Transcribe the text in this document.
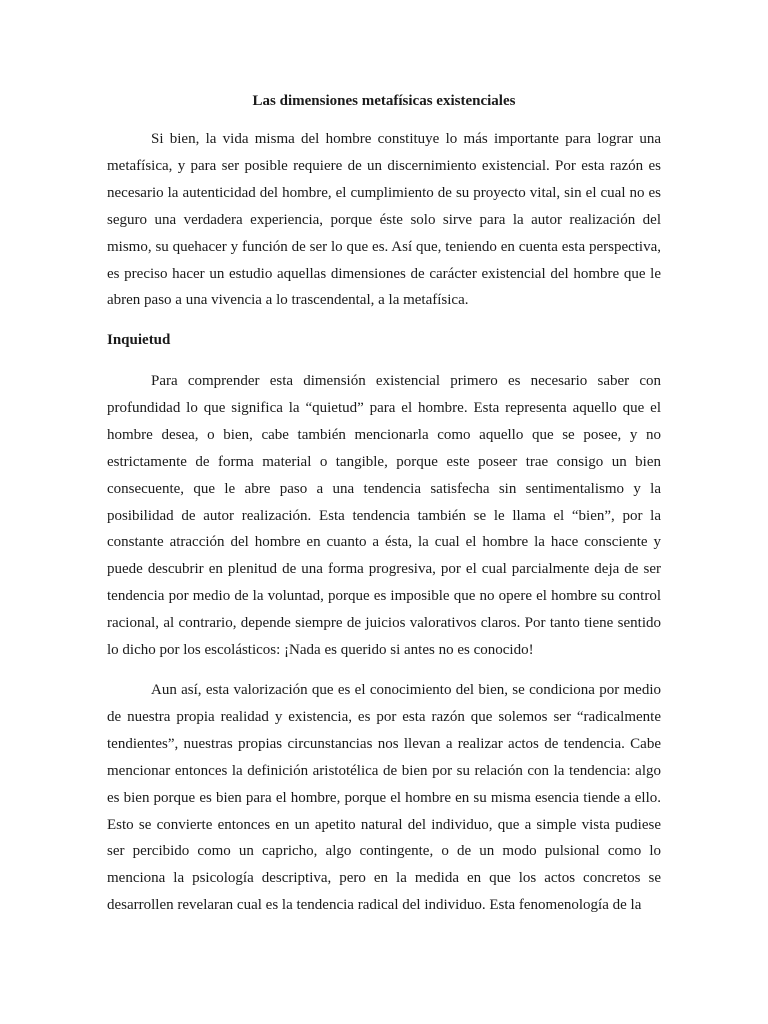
Las dimensiones metafísicas existenciales

Si bien, la vida misma del hombre constituye lo más importante para lograr una metafísica, y para ser posible requiere de un discernimiento existencial. Por esta razón es necesario la autenticidad del hombre, el cumplimiento de su proyecto vital, sin el cual no es seguro una verdadera experiencia, porque éste solo sirve para la autor realización del mismo, su quehacer y función de ser lo que es. Así que, teniendo en cuenta esta perspectiva, es preciso hacer un estudio aquellas dimensiones de carácter existencial del hombre que le abren paso a una vivencia a lo trascendental, a la metafísica.

Inquietud

Para comprender esta dimensión existencial primero es necesario saber con profundidad lo que significa la “quietud” para el hombre. Esta representa aquello que el hombre desea, o bien, cabe también mencionarla como aquello que se posee, y no estrictamente de forma material o tangible, porque este poseer trae consigo un bien consecuente, que le abre paso a una tendencia satisfecha sin sentimentalismo y la posibilidad de autor realización. Esta tendencia también se le llama el “bien”, por la constante atracción del hombre en cuanto a ésta, la cual el hombre la hace consciente y puede descubrir en plenitud de una forma progresiva, por el cual parcialmente deja de ser tendencia por medio de la voluntad, porque es imposible que no opere el hombre su control racional, al contrario, depende siempre de juicios valorativos claros. Por tanto tiene sentido lo dicho por los escolásticos: ¡Nada es querido si antes no es conocido!

Aun así, esta valorización que es el conocimiento del bien, se condiciona por medio de nuestra propia realidad y existencia, es por esta razón que solemos ser “radicalmente tendientes”, nuestras propias circunstancias nos llevan a realizar actos de tendencia. Cabe mencionar entonces la definición aristotélica de bien por su relación con la tendencia: algo es bien porque es bien para el hombre, porque el hombre en su misma esencia tiende a ello. Esto se convierte entonces en un apetito natural del individuo, que a simple vista pudiese ser percibido como un capricho, algo contingente, o de un modo pulsional como lo menciona la psicología descriptiva, pero en la medida en que los actos concretos se desarrollen revelaran cual es la tendencia radical del individuo. Esta fenomenología de la
